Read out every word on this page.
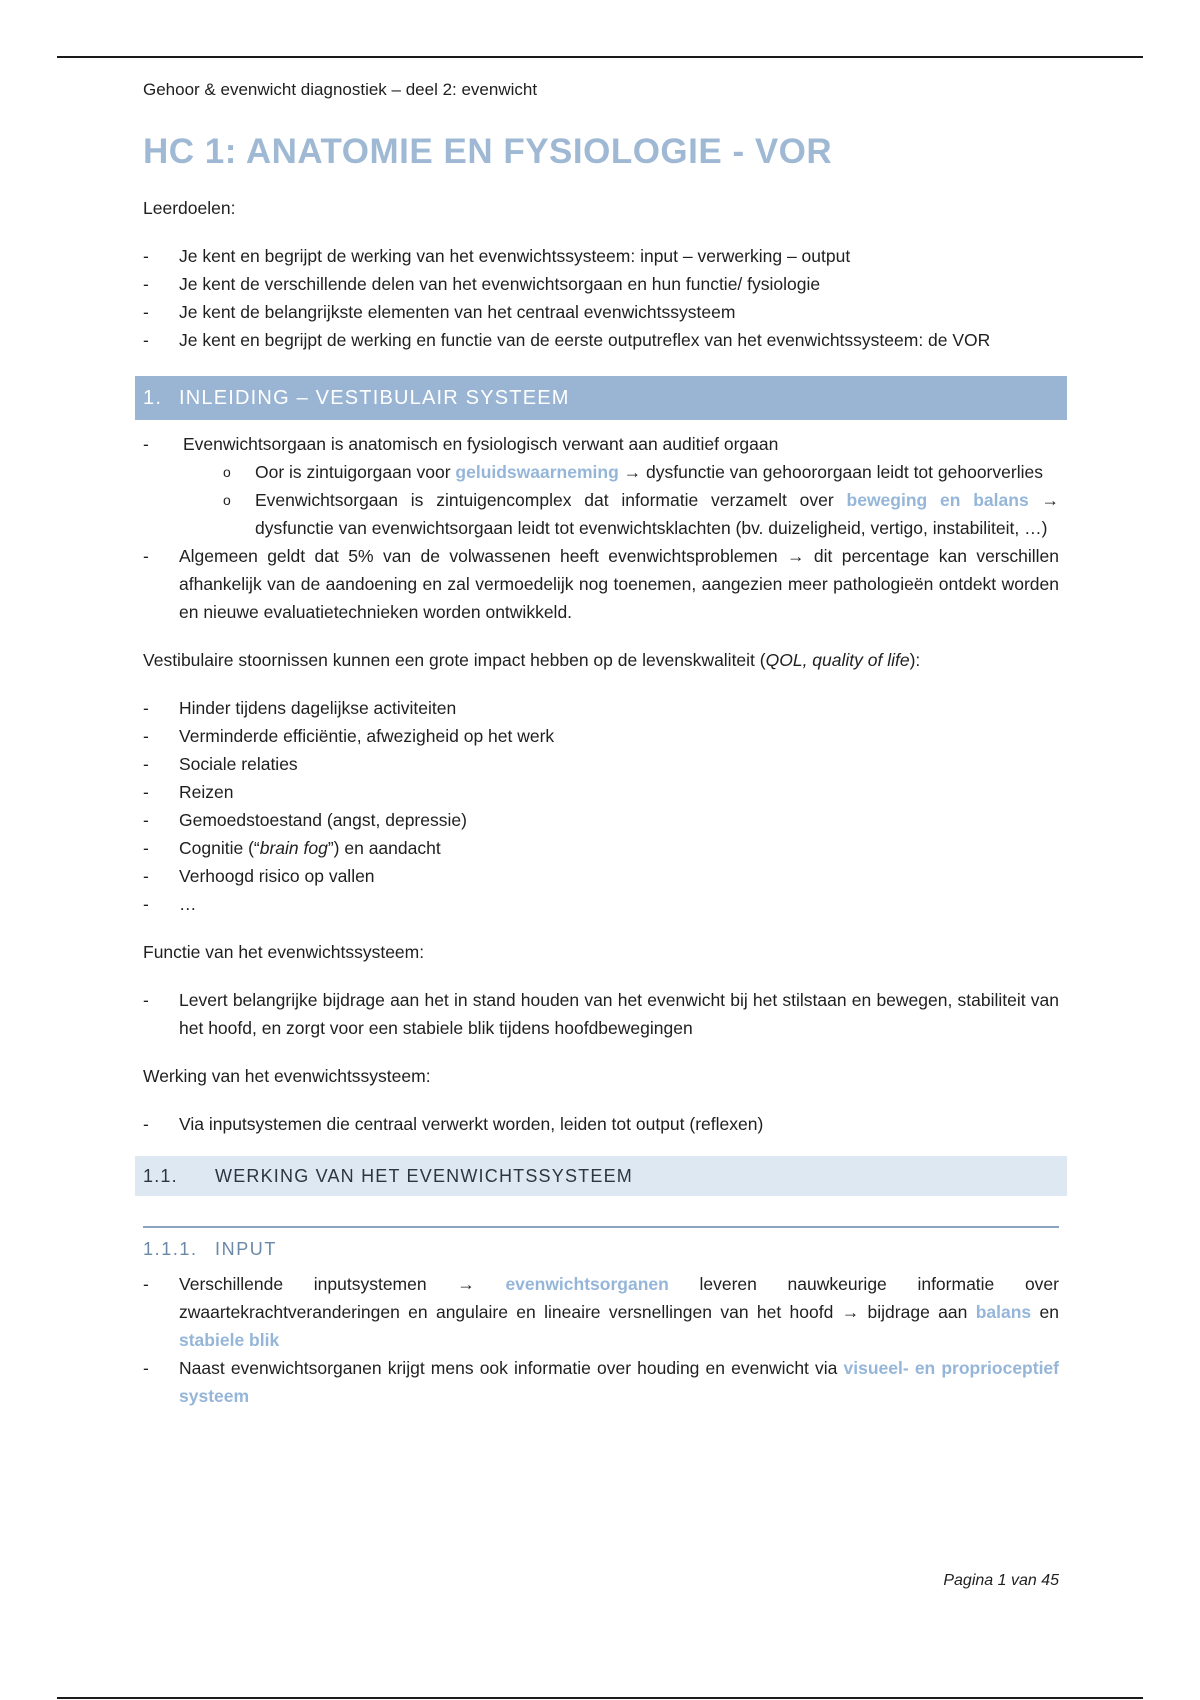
Gehoor & evenwicht diagnostiek – deel 2: evenwicht
HC 1: ANATOMIE EN FYSIOLOGIE - VOR

Leerdoelen:

- Je kent en begrijpt de werking van het evenwichtssysteem: input – verwerking – output
- Je kent de verschillende delen van het evenwichtsorgaan en hun functie/ fysiologie
- Je kent de belangrijkste elementen van het centraal evenwichtssysteem
- Je kent en begrijpt de werking en functie van de eerste outputreflex van het evenwichtssysteem: de VOR
1. INLEIDING – VESTIBULAIR SYSTEEM
- Evenwichtsorgaan is anatomisch en fysiologisch verwant aan auditief orgaan
o Oor is zintuigorgaan voor geluidswaarneming → dysfunctie van gehoororgaan leidt tot gehoorverlies
o Evenwichtsorgaan is zintuigencomplex dat informatie verzamelt over beweging en balans → dysfunctie van evenwichtsorgaan leidt tot evenwichtsklachten (bv. duizeligheid, vertigo, instabiliteit, …)
- Algemeen geldt dat 5% van de volwassenen heeft evenwichtsproblemen → dit percentage kan verschillen afhankelijk van de aandoening en zal vermoedelijk nog toenemen, aangezien meer pathologieën ontdekt worden en nieuwe evaluatietechnieken worden ontwikkeld.

Vestibulaire stoornissen kunnen een grote impact hebben op de levenskwaliteit (QOL, quality of life):

- Hinder tijdens dagelijkse activiteiten
- Verminderde efficiëntie, afwezigheid op het werk
- Sociale relaties
- Reizen
- Gemoedstoestand (angst, depressie)
- Cognitie (“brain fog”) en aandacht
- Verhoogd risico op vallen
- …

Functie van het evenwichtssysteem:

- Levert belangrijke bijdrage aan het in stand houden van het evenwicht bij het stilstaan en bewegen, stabiliteit van het hoofd, en zorgt voor een stabiele blik tijdens hoofdbewegingen

Werking van het evenwichtssysteem:

- Via inputsystemen die centraal verwerkt worden, leiden tot output (reflexen)
1.1. WERKING VAN HET EVENWICHTSSYSTEEM
1.1.1. INPUT
- Verschillende inputsystemen → evenwichtsorganen leveren nauwkeurige informatie over zwaartekrachtveranderingen en angulaire en lineaire versnellingen van het hoofd → bijdrage aan balans en stabiele blik
- Naast evenwichtsorganen krijgt mens ook informatie over houding en evenwicht via visueel- en proprioceptief systeem
Pagina 1 van 45
